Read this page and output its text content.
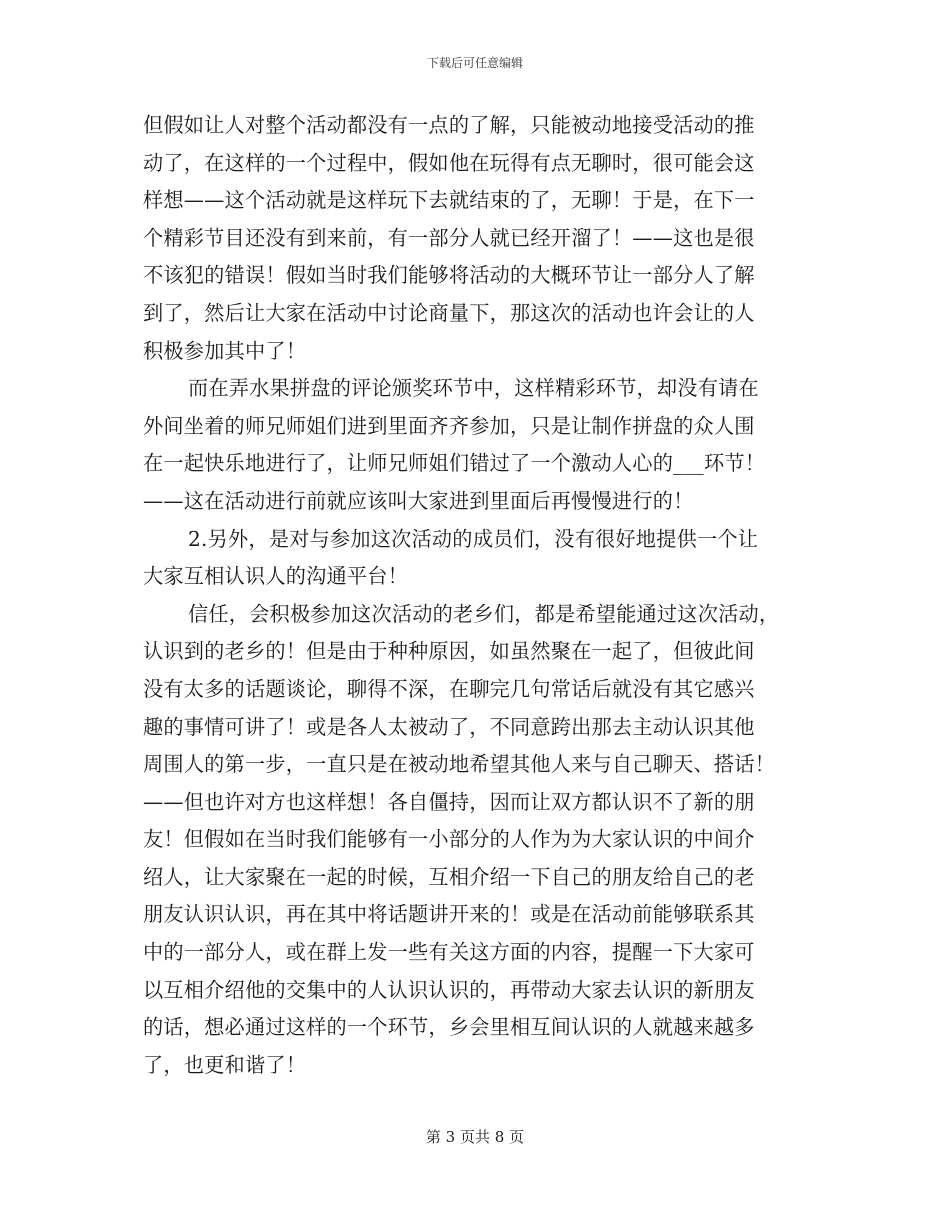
下载后可任意编辑

但假如让人对整个活动都没有一点的了解，只能被动地接受活动的推

动了，在这样的一个过程中，假如他在玩得有点无聊时，很可能会这

样想——这个活动就是这样玩下去就结束的了，无聊！于是，在下一

个精彩节目还没有到来前，有一部分人就已经开溜了！——这也是很

不该犯的错误！假如当时我们能够将活动的大概环节让一部分人了解

到了，然后让大家在活动中讨论商量下，那这次的活动也许会让的人

积极参加其中了！

而在弄水果拼盘的评论颁奖环节中，这样精彩环节，却没有请在

外间坐着的师兄师姐们进到里面齐齐参加，只是让制作拼盘的众人围

在一起快乐地进行了，让师兄师姐们错过了一个激动人心的___环节！

——这在活动进行前就应该叫大家进到里面后再慢慢进行的！

2.另外，是对与参加这次活动的成员们，没有很好地提供一个让

大家互相认识人的沟通平台！

信任，会积极参加这次活动的老乡们，都是希望能通过这次活动，

认识到的老乡的！但是由于种种原因，如虽然聚在一起了，但彼此间

没有太多的话题谈论，聊得不深，在聊完几句常话后就没有其它感兴

趣的事情可讲了！或是各人太被动了，不同意跨出那去主动认识其他

周围人的第一步，一直只是在被动地希望其他人来与自己聊天、搭话！

——但也许对方也这样想！各自僵持，因而让双方都认识不了新的朋

友！但假如在当时我们能够有一小部分的人作为为大家认识的中间介

绍人，让大家聚在一起的时候，互相介绍一下自己的朋友给自己的老

朋友认识认识，再在其中将话题讲开来的！或是在活动前能够联系其

中的一部分人，或在群上发一些有关这方面的内容，提醒一下大家可

以互相介绍他的交集中的人认识认识的，再带动大家去认识的新朋友

的话，想必通过这样的一个环节，乡会里相互间认识的人就越来越多

了，也更和谐了！

第 3 页共 8 页
